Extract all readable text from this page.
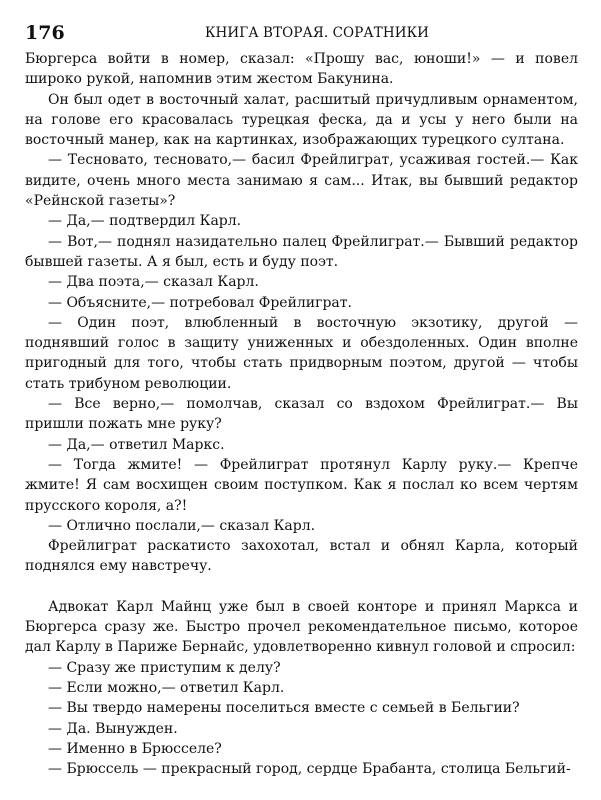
176	КНИГА ВТОРАЯ. СОРАТНИКИ

Бюргерса войти в номер, сказал: «Прошу вас, юноши!» — и повел широко рукой, напомнив этим жестом Бакунина.

Он был одет в восточный халат, расшитый причудливым орнаментом, на голове его красовалась турецкая феска, да и усы у него были на восточный манер, как на картинках, изображающих турецкого султана.

— Тесновато, тесновато,— басил Фрейлиграт, усаживая гостей.— Как видите, очень много места занимаю я сам... Итак, вы бывший редактор «Рейнской газеты»?

— Да,— подтвердил Карл.

— Вот,— поднял назидательно палец Фрейлиграт.— Бывший редактор бывшей газеты. А я был, есть и буду поэт.

— Два поэта,— сказал Карл.

— Объясните,— потребовал Фрейлиграт.

— Один поэт, влюбленный в восточную экзотику, другой — поднявший голос в защиту униженных и обездоленных. Один вполне пригодный для того, чтобы стать придворным поэтом, другой — чтобы стать трибуном революции.

— Все верно,— помолчав, сказал со вздохом Фрейлиграт.— Вы пришли пожать мне руку?

— Да,— ответил Маркс.

— Тогда жмите! — Фрейлиграт протянул Карлу руку.— Крепче жмите! Я сам восхищен своим поступком. Как я послал ко всем чертям прусского короля, а?!

— Отлично послали,— сказал Карл.

Фрейлиграт раскатисто захохотал, встал и обнял Карла, который поднялся ему навстречу.

Адвокат Карл Майнц уже был в своей конторе и принял Маркса и Бюргерса сразу же. Быстро прочел рекомендательное письмо, которое дал Карлу в Париже Бернайс, удовлетворенно кивнул головой и спросил:

— Сразу же приступим к делу?

— Если можно,— ответил Карл.

— Вы твердо намерены поселиться вместе с семьей в Бельгии?

— Да. Вынужден.

— Именно в Брюсселе?

— Брюссель — прекрасный город, сердце Брабанта, столица Бельгий-
